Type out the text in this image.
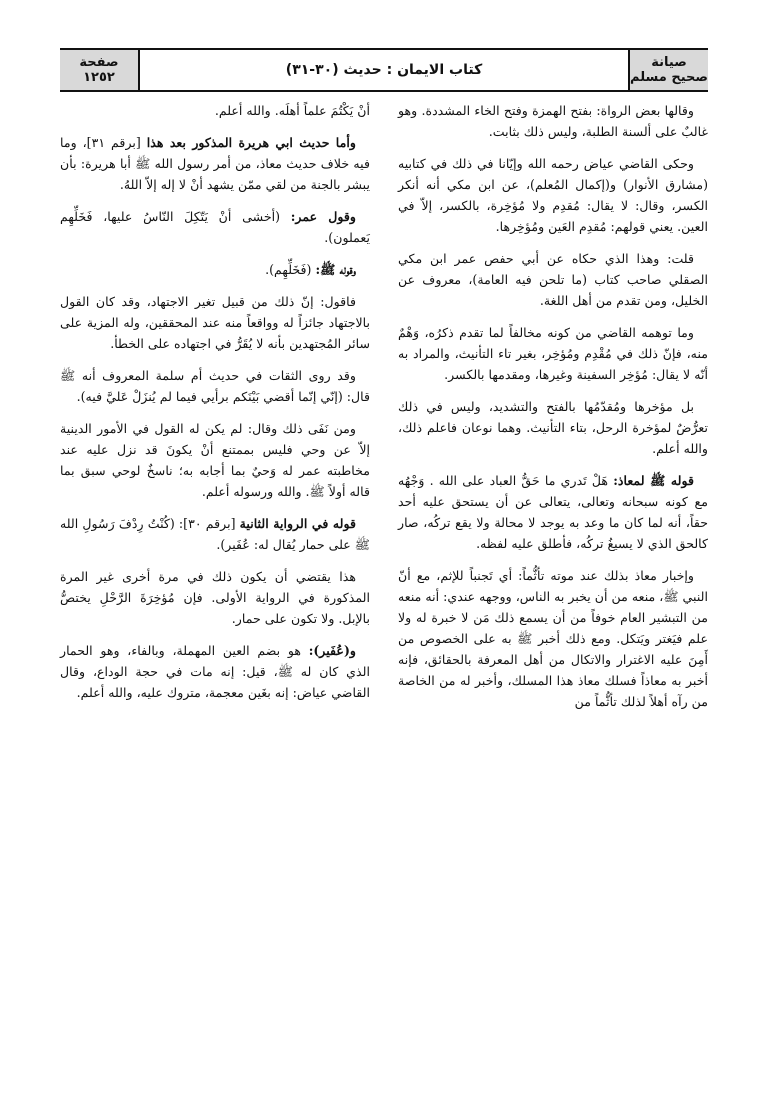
صيانة
صحيح مسلم
كتاب الايمان : حديث (٣٠-٣١)
صفحة
١٢٥٢

وقالها بعض الرواة: بفتح الهمزة وفتح الخاء المشددة. وهو غالبٌ على ألسنة الطلبة، وليس ذلك بثابت.

وحكى القاضي عياض رحمه الله وإيّانا في ذلك في كتابيه (مشارق الأنوار) و(إكمال المُعلم)، عن ابن مكي أنه أنكر الكسر، وقال: لا يقال: مُقدِم ولا مُؤخِرة، بالكسر، إلاّ في العين. يعني قولهم: مُقدِم العَين ومُؤخِرها.

قلت: وهذا الذي حكاه عن أبي حفص عمر ابن مكي الصقلي صاحب كتاب (ما تلحن فيه العامة)، معروف عن الخليل، ومن تقدم من أهل اللغة.

وما توهمه القاضي من كونه مخالفاً لما تقدم ذكرُه، وَهْمٌ منه، فإنّ ذلك في مُقْدِم ومُؤخِر، بغير تاء التأنيث، والمراد به أنّه لا يقال: مُؤخِر السفينة وغيرها، ومقدمها بالكسر.

بل مؤخرها ومُقدّمُها بالفتح والتشديد، وليس في ذلك تعرُّضٌ لمؤخرة الرحل، بتاء التأنيث. وهما نوعان فاعلم ذلك، والله أعلم.

قوله ﷺ لمعاذ: هَلْ تَدري ما حَقُّ العباد على الله . وَجْهُه مع كونه سبحانه وتعالى، يتعالى عن أن يستحق عليه أحد حقاً، أنه لما كان ما وعد به يوجد لا محالة ولا يقع تركُه، صار كالحق الذي لا يسيغُ تركُه، فأطلق عليه لفظه.

وإخبار معاذ بذلك عند موته تأثُّماً: أي تَجنباً للإثم، مع أنّ النبي ﷺ، منعه من أن يخبر به الناس، ووجهه عندي: أنه منعه من التبشير العام خوفاً من أن يسمع ذلك مَن لا خبرة له ولا علم فيَغتر ويَتكل. ومع ذلك أخبر ﷺ به على الخصوص من أَمِنَ عليه الاغترار والاتكال من أهل المعرفة بالحقائق، فإنه أخبر به معاذاً فسلك معاذ هذا المسلك، وأخبر له من الخاصة من رآه أهلاً لذلك تأثُّماً من

أنْ يَكْتُمَ علماً أهلَه. والله أعلم.

وأما حديث ابي هريرة المذكور بعد هذا [برقم ٣١]، وما فيه خلاف حديث معاذ، من أمر رسول الله ﷺ أبا هريرة: بأن يبشر بالجنة من لقي ممّن يشهد أنْ لا إله إلاّ اللهُ.

وقول عمر: (أخشى أنْ يَتّكِلَ النّاسُ عليها، فَخَلِّهِم يَعملون).

وقوله ﷺ: (فَخَلِّهِم).

فاقول: إنّ ذلك من قبيل تغير الاجتهاد، وقد كان القول بالاجتهاد جائزاً له وواقعاً منه عند المحققين، وله المزية على سائر المُجتهدين بأنه لا يُقَرُّ في اجتهاده على الخطأ.

وقد روى الثقات في حديث أم سلمة المعروف أنه ﷺ قال: (إنّي إنّما أقضي بَيْنَكم برأيي فيما لم يُنزَلْ عَليَّ فيه).

ومن نَفَى ذلك وقال: لم يكن له القول في الأمور الدينية إلاّ عن وحي فليس بممتنع أنْ يكونَ قد نزل عليه عند مخاطبته عمر له وَحيٌ بما أجابه به؛ ناسخٌ لوحي سبق بما قاله أولاً ﷺ. والله ورسوله أعلم.

قوله في الرواية الثانية [برقم ٣٠]: (كُنْتُ رِدْفَ رَسُولِ الله ﷺ على حمار يُقال له: عُفَير).

هذا يقتضي أن يكون ذلك في مرة أخرى غير المرة المذكورة في الرواية الأولى. فإن مُؤخِرَةَ الرَّحْلِ يختصُّ بالإبل. ولا تكون على حمار.

و(عُفَير): هو بضم العين المهملة، وبالفاء، وهو الحمار الذي كان له ﷺ، قيل: إنه مات في حجة الوداع، وقال القاضي عياض: إنه بغَين معجمة، متروك عليه، والله أعلم.
